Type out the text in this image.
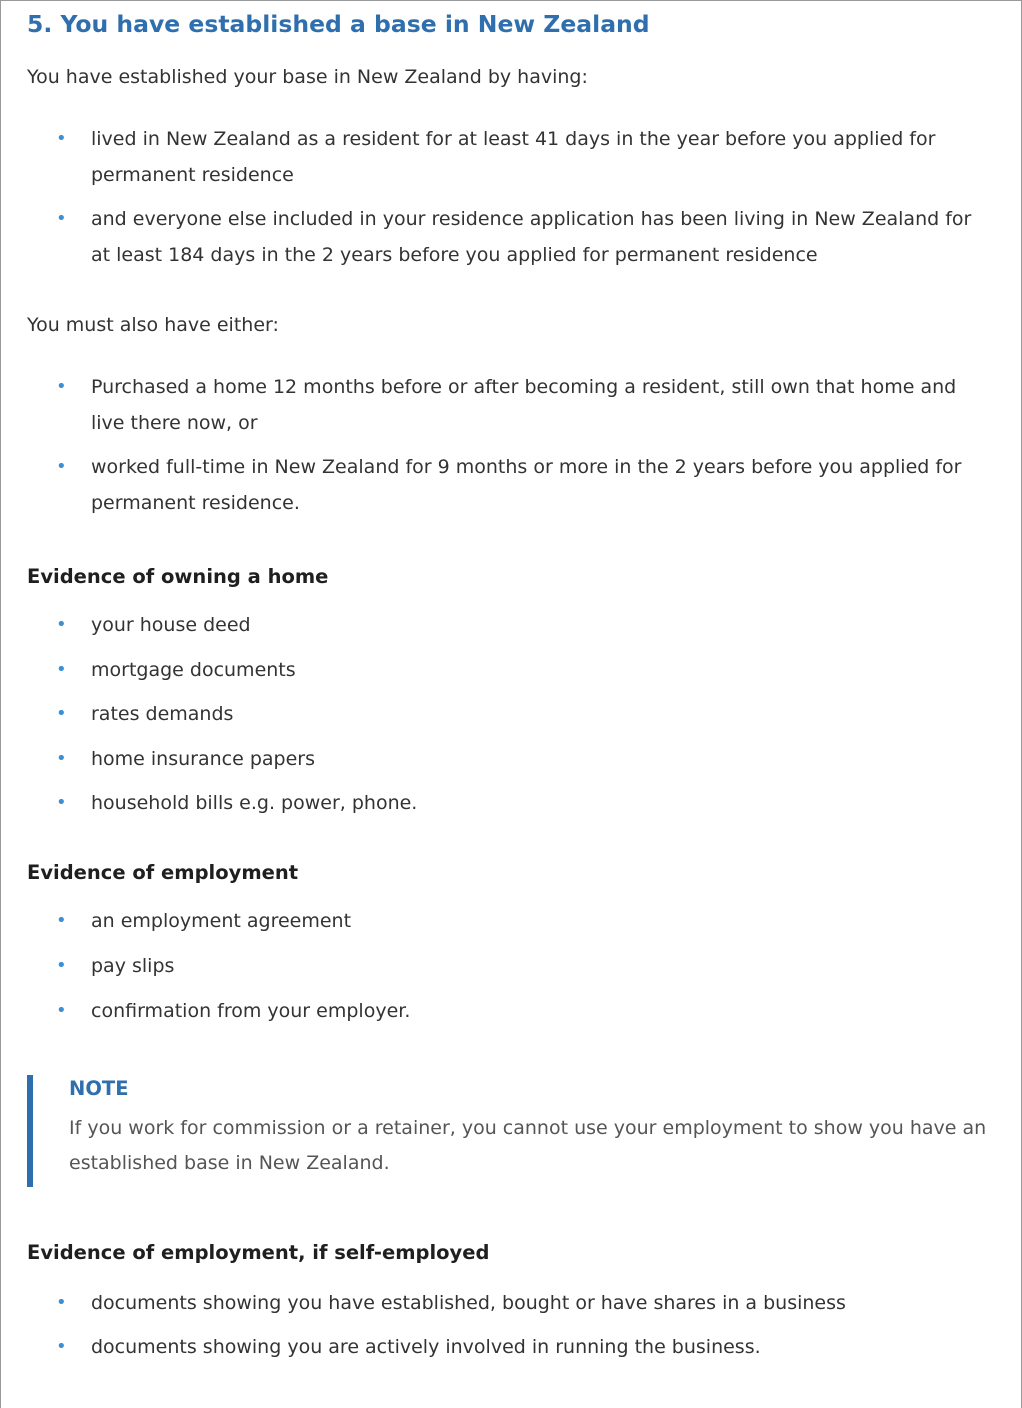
5. You have established a base in New Zealand

You have established your base in New Zealand by having:

• lived in New Zealand as a resident for at least 41 days in the year before you applied for permanent residence
• and everyone else included in your residence application has been living in New Zealand for at least 184 days in the 2 years before you applied for permanent residence

You must also have either:

• Purchased a home 12 months before or after becoming a resident, still own that home and live there now, or
• worked full-time in New Zealand for 9 months or more in the 2 years before you applied for permanent residence.
Evidence of owning a home
• your house deed
• mortgage documents
• rates demands
• home insurance papers
• household bills e.g. power, phone.
Evidence of employment
• an employment agreement
• pay slips
• confirmation from your employer.
NOTE

If you work for commission or a retainer, you cannot use your employment to show you have an established base in New Zealand.

Evidence of employment, if self-employed
• documents showing you have established, bought or have shares in a business
• documents showing you are actively involved in running the business.
